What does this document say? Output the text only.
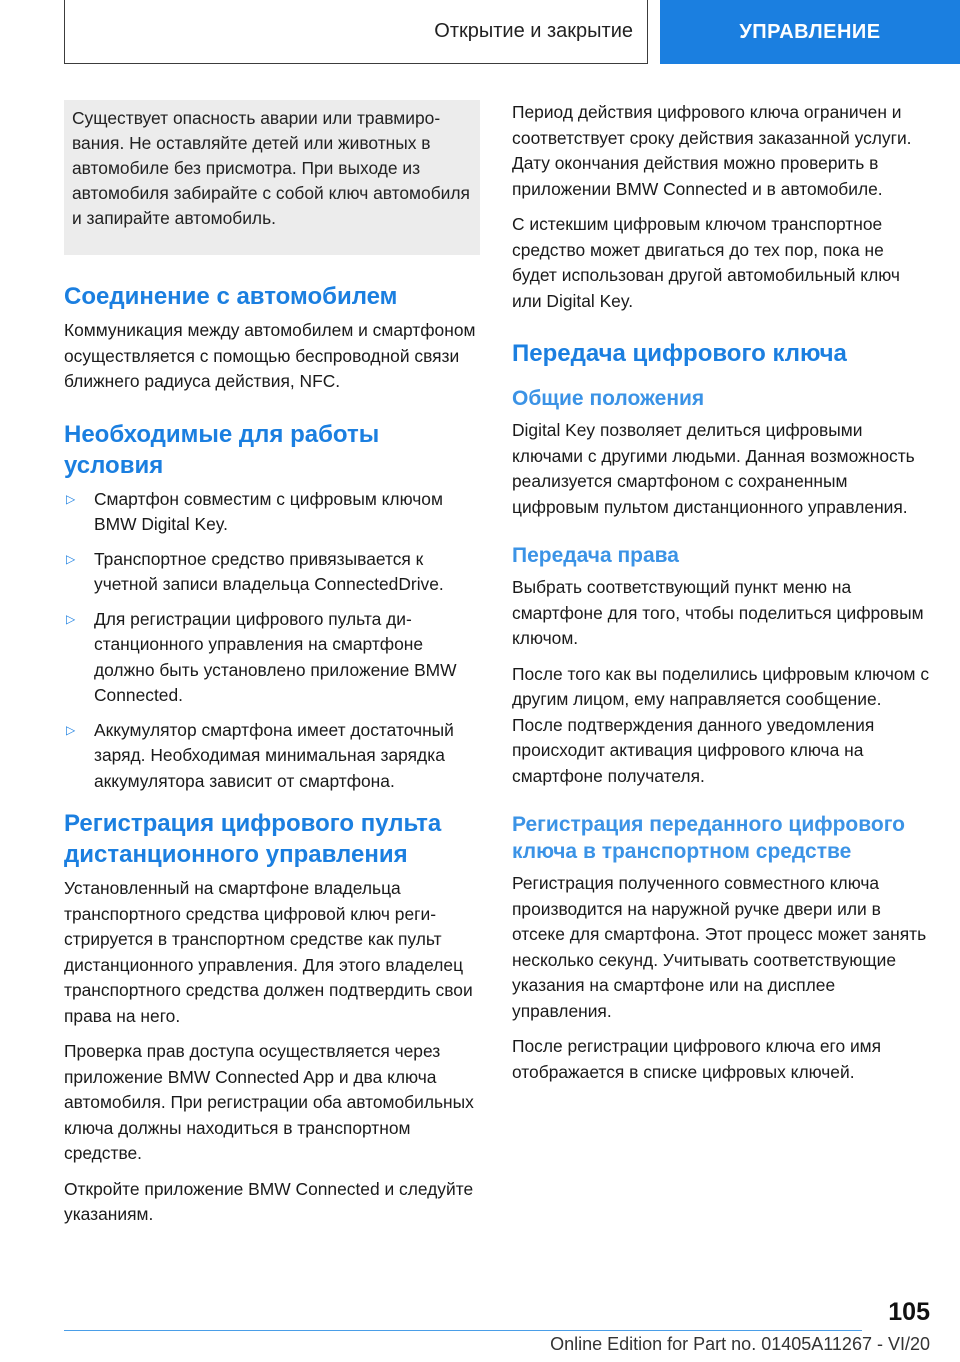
Открытие и закрытие	УПРАВЛЕНИЕ
Существует опасность аварии или травмирования. Не оставляйте детей или животных в автомобиле без присмотра. При выходе из автомобиля забирайте с собой ключ автомобиля и запирайте автомобиль.
Соединение с автомобилем

Коммуникация между автомобилем и смартфоном осуществляется с помощью беспроводной связи ближнего радиуса действия, NFC.

Необходимые для работы условия
▷ Смартфон совместим с цифровым ключом BMW Digital Key.
▷ Транспортное средство привязывается к учетной записи владельца ConnectedDrive.
▷ Для регистрации цифрового пульта дистанционного управления на смартфоне должно быть установлено приложение BMW Connected.
▷ Аккумулятор смартфона имеет достаточный заряд. Необходимая минимальная зарядка аккумулятора зависит от смартфона.
Регистрация цифрового пульта дистанционного управления

Установленный на смартфоне владельца транспортного средства цифровой ключ регистрируется в транспортном средстве как пульт дистанционного управления. Для этого владелец транспортного средства должен подтвердить свои права на него.

Проверка прав доступа осуществляется через приложение BMW Connected App и два ключа автомобиля. При регистрации оба автомобильных ключа должны находиться в транспортном средстве.

Откройте приложение BMW Connected и следуйте указаниям.

Период действия цифрового ключа ограничен и соответствует сроку действия заказанной услуги. Дату окончания действия можно проверить в приложении BMW Connected и в автомобиле.

С истекшим цифровым ключом транспортное средство может двигаться до тех пор, пока не будет использован другой автомобильный ключ или Digital Key.

Передача цифрового ключа
Общие положения

Digital Key позволяет делиться цифровыми ключами с другими людьми. Данная возможность реализуется смартфоном с сохраненным цифровым пультом дистанционного управления.

Передача права

Выбрать соответствующий пункт меню на смартфоне для того, чтобы поделиться цифровым ключом.

После того как вы поделились цифровым ключом с другим лицом, ему направляется сообщение. После подтверждения данного уведомления происходит активация цифрового ключа на смартфоне получателя.

Регистрация переданного цифрового ключа в транспортном средстве

Регистрация полученного совместного ключа производится на наружной ручке двери или в отсеке для смартфона. Этот процесс может занять несколько секунд. Учитывать соответствующие указания на смартфоне или на дисплее управления.

После регистрации цифрового ключа его имя отображается в списке цифровых ключей.

105
Online Edition for Part no. 01405A11267 - VI/20
